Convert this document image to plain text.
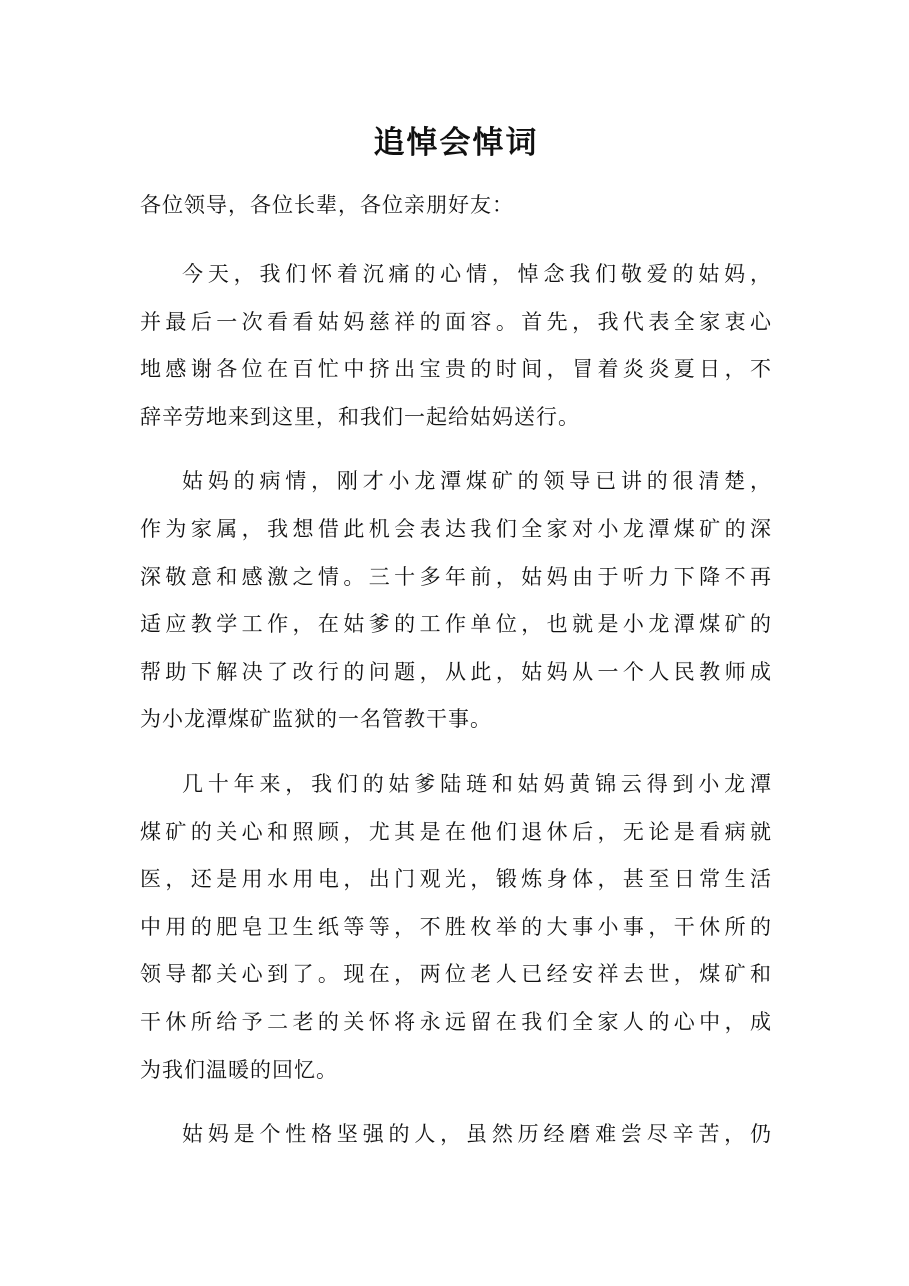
追悼会悼词

各位领导，各位长辈，各位亲朋好友：

今天，我们怀着沉痛的心情，悼念我们敬爱的姑妈，
并最后一次看看姑妈慈祥的面容。首先，我代表全家衷心
地感谢各位在百忙中挤出宝贵的时间，冒着炎炎夏日，不
辞辛劳地来到这里，和我们一起给姑妈送行。
姑妈的病情，刚才小龙潭煤矿的领导已讲的很清楚，
作为家属，我想借此机会表达我们全家对小龙潭煤矿的深
深敬意和感激之情。三十多年前，姑妈由于听力下降不再
适应教学工作，在姑爹的工作单位，也就是小龙潭煤矿的
帮助下解决了改行的问题，从此，姑妈从一个人民教师成
为小龙潭煤矿监狱的一名管教干事。
几十年来，我们的姑爹陆琏和姑妈黄锦云得到小龙潭
煤矿的关心和照顾，尤其是在他们退休后，无论是看病就
医，还是用水用电，出门观光，锻炼身体，甚至日常生活
中用的肥皂卫生纸等等，不胜枚举的大事小事，干休所的
领导都关心到了。现在，两位老人已经安祥去世，煤矿和
干休所给予二老的关怀将永远留在我们全家人的心中，成
为我们温暖的回忆。
姑妈是个性格坚强的人，虽然历经磨难尝尽辛苦，仍
